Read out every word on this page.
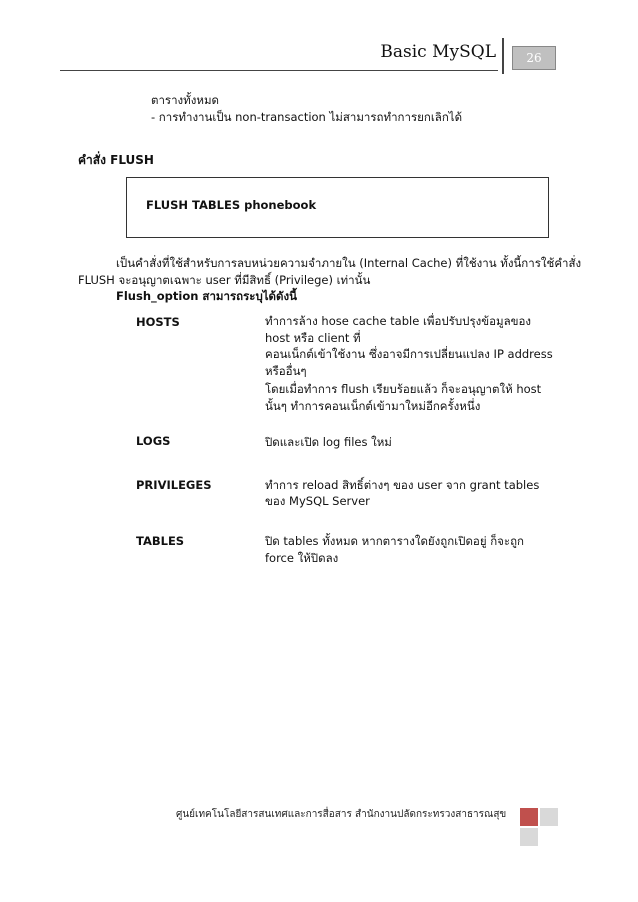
Basic MySQL	26
ตารางทั้งหมด
- การทำงานเป็น non-transaction ไม่สามารถทำการยกเลิกได้
คำสั่ง FLUSH
FLUSH TABLES phonebook
เป็นคำสั่งที่ใช้สำหรับการลบหน่วยความจำภายใน (Internal Cache) ที่ใช้งาน ทั้งนี้การใช้คำสั่ง
FLUSH จะอนุญาตเฉพาะ user ที่มีสิทธิ์ (Privilege) เท่านั้น
Flush_option สามารถระบุได้ดังนี้
HOSTS	ทำการล้าง hose cache table เพื่อปรับปรุงข้อมูลของ
host หรือ client ที่
คอนเน็กต์เข้าใช้งาน ซึ่งอาจมีการเปลี่ยนแปลง IP address
หรืออื่นๆ
โดยเมื่อทำการ flush เรียบร้อยแล้ว ก็จะอนุญาตให้ host
นั้นๆ ทำการคอนเน็กต์เข้ามาใหม่อีกครั้งหนึ่ง
LOGS	ปิดและเปิด log files ใหม่
PRIVILEGES	ทำการ reload สิทธิ์ต่างๆ ของ user จาก grant tables
ของ MySQL Server
TABLES	ปิด tables ทั้งหมด หากตารางใดยังถูกเปิดอยู่ ก็จะถูก
force ให้ปิดลง
ศูนย์เทคโนโลยีสารสนเทศและการสื่อสาร สำนักงานปลัดกระทรวงสาธารณสุข
